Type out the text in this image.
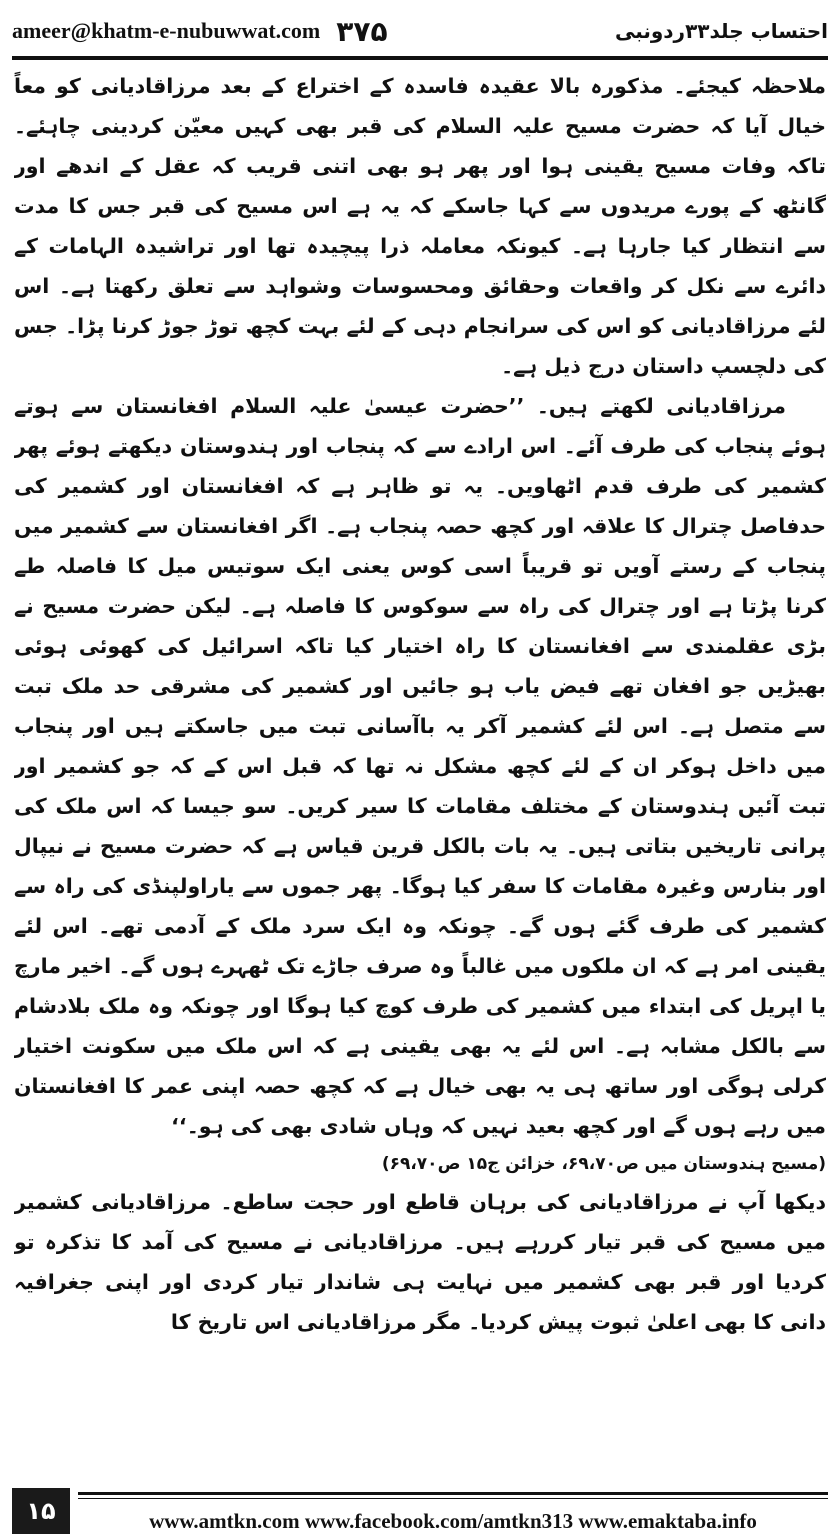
ameer@khatm-e-nubuwwat.com ۳۷۵	احتساب جلد۳۳ردونبی

ملاحظہ کیجئے۔ مذکورہ بالا عقیدہ فاسدہ کے اختراع کے بعد مرزاقادیانی کو معاً خیال آیا کہ حضرت مسیح علیہ السلام کی قبر بھی کہیں معیّن کردینی چاہئے۔ تاکہ وفات مسیح یقینی ہوا اور پھر ہو بھی اتنی قریب کہ عقل کے اندھے اور گانٹھ کے پورے مریدوں سے کہا جاسکے کہ یہ ہے اس مسیح کی قبر جس کا مدت سے انتظار کیا جارہا ہے۔ کیونکہ معاملہ ذرا پیچیدہ تھا اور تراشیدہ الہامات کے دائرے سے نکل کر واقعات وحقائق ومحسوسات وشواہد سے تعلق رکھتا ہے۔ اس لئے مرزاقادیانی کو اس کی سرانجام دہی کے لئے بہت کچھ توڑ جوڑ کرنا پڑا۔ جس کی دلچسپ داستان درج ذیل ہے۔

مرزاقادیانی لکھتے ہیں۔ ’’حضرت عیسیٰ علیہ السلام افغانستان سے ہوتے ہوئے پنجاب کی طرف آئے۔ اس ارادے سے کہ پنجاب اور ہندوستان دیکھتے ہوئے پھر کشمیر کی طرف قدم اٹھاویں۔ یہ تو ظاہر ہے کہ افغانستان اور کشمیر کی حدفاصل چترال کا علاقہ اور کچھ حصہ پنجاب ہے۔ اگر افغانستان سے کشمیر میں پنجاب کے رستے آویں تو قریباً اسی کوس یعنی ایک سوتیس میل کا فاصلہ طے کرنا پڑتا ہے اور چترال کی راہ سے سوکوس کا فاصلہ ہے۔ لیکن حضرت مسیح نے بڑی عقلمندی سے افغانستان کا راہ اختیار کیا تاکہ اسرائیل کی کھوئی ہوئی بھیڑیں جو افغان تھے فیض یاب ہو جائیں اور کشمیر کی مشرقی حد ملک تبت سے متصل ہے۔ اس لئے کشمیر آکر یہ باآسانی تبت میں جاسکتے ہیں اور پنجاب میں داخل ہوکر ان کے لئے کچھ مشکل نہ تھا کہ قبل اس کے کہ جو کشمیر اور تبت آئیں ہندوستان کے مختلف مقامات کا سیر کریں۔ سو جیسا کہ اس ملک کی پرانی تاریخیں بتاتی ہیں۔ یہ بات بالکل قرین قیاس ہے کہ حضرت مسیح نے نیپال اور بنارس وغیرہ مقامات کا سفر کیا ہوگا۔ پھر جموں سے یاراولپنڈی کی راہ سے کشمیر کی طرف گئے ہوں گے۔ چونکہ وہ ایک سرد ملک کے آدمی تھے۔ اس لئے یقینی امر ہے کہ ان ملکوں میں غالباً وہ صرف جاڑے تک ٹھہرے ہوں گے۔ اخیر مارچ یا اپریل کی ابتداء میں کشمیر کی طرف کوچ کیا ہوگا اور چونکہ وہ ملک بلادشام سے بالکل مشابہ ہے۔ اس لئے یہ بھی یقینی ہے کہ اس ملک میں سکونت اختیار کرلی ہوگی اور ساتھ ہی یہ بھی خیال ہے کہ کچھ حصہ اپنی عمر کا افغانستان میں رہے ہوں گے اور کچھ بعید نہیں کہ وہاں شادی بھی کی ہو۔‘‘

(مسیح ہندوستان میں ص۶۹،۷۰، خزائن ج۱۵ ص۶۹،۷۰)

دیکھا آپ نے مرزاقادیانی کی برہان قاطع اور حجت ساطع۔ مرزاقادیانی کشمیر میں مسیح کی قبر تیار کررہے ہیں۔ مرزاقادیانی نے مسیح کی آمد کا تذکرہ تو کردیا اور قبر بھی کشمیر میں نہایت ہی شاندار تیار کردی اور اپنی جغرافیہ دانی کا بھی اعلیٰ ثبوت پیش کردیا۔ مگر مرزاقادیانی اس تاریخ کا

۱۵	www.amtkn.com www.facebook.com/amtkn313 www.emaktaba.info
